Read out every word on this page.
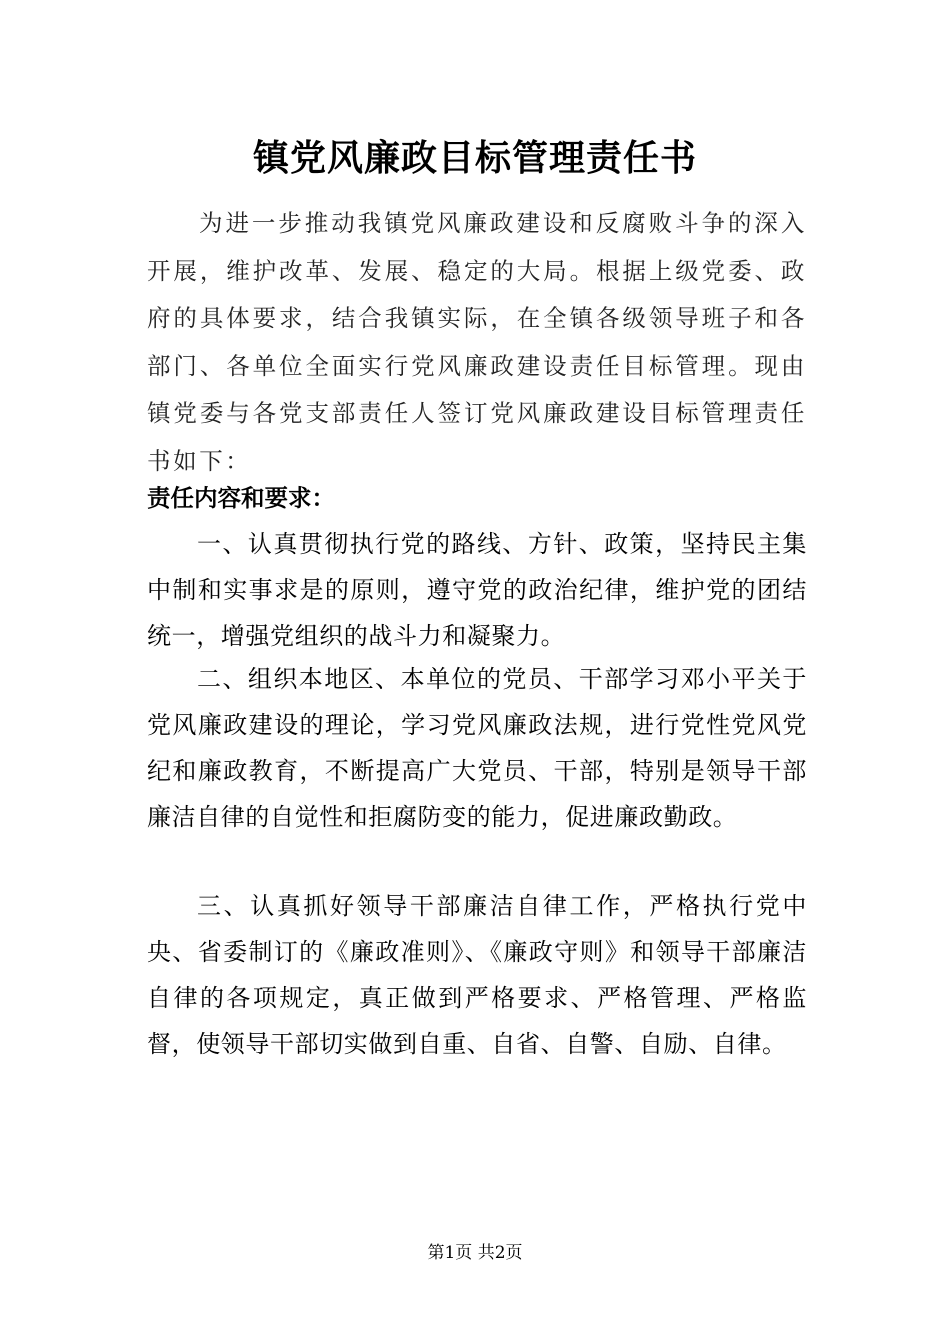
镇党风廉政目标管理责任书

为进一步推动我镇党风廉政建设和反腐败斗争的深入开展，维护改革、发展、稳定的大局。根据上级党委、政府的具体要求，结合我镇实际，在全镇各级领导班子和各部门、各单位全面实行党风廉政建设责任目标管理。现由镇党委与各党支部责任人签订党风廉政建设目标管理责任书如下：

责任内容和要求：

一、认真贯彻执行党的路线、方针、政策，坚持民主集中制和实事求是的原则，遵守党的政治纪律，维护党的团结统一，增强党组织的战斗力和凝聚力。

二、组织本地区、本单位的党员、干部学习邓小平关于党风廉政建设的理论，学习党风廉政法规，进行党性党风党纪和廉政教育，不断提高广大党员、干部，特别是领导干部廉洁自律的自觉性和拒腐防变的能力，促进廉政勤政。

三、认真抓好领导干部廉洁自律工作，严格执行党中央、省委制订的《廉政准则》、《廉政守则》和领导干部廉洁自律的各项规定，真正做到严格要求、严格管理、严格监督，使领导干部切实做到自重、自省、自警、自励、自律。

第1页 共2页
